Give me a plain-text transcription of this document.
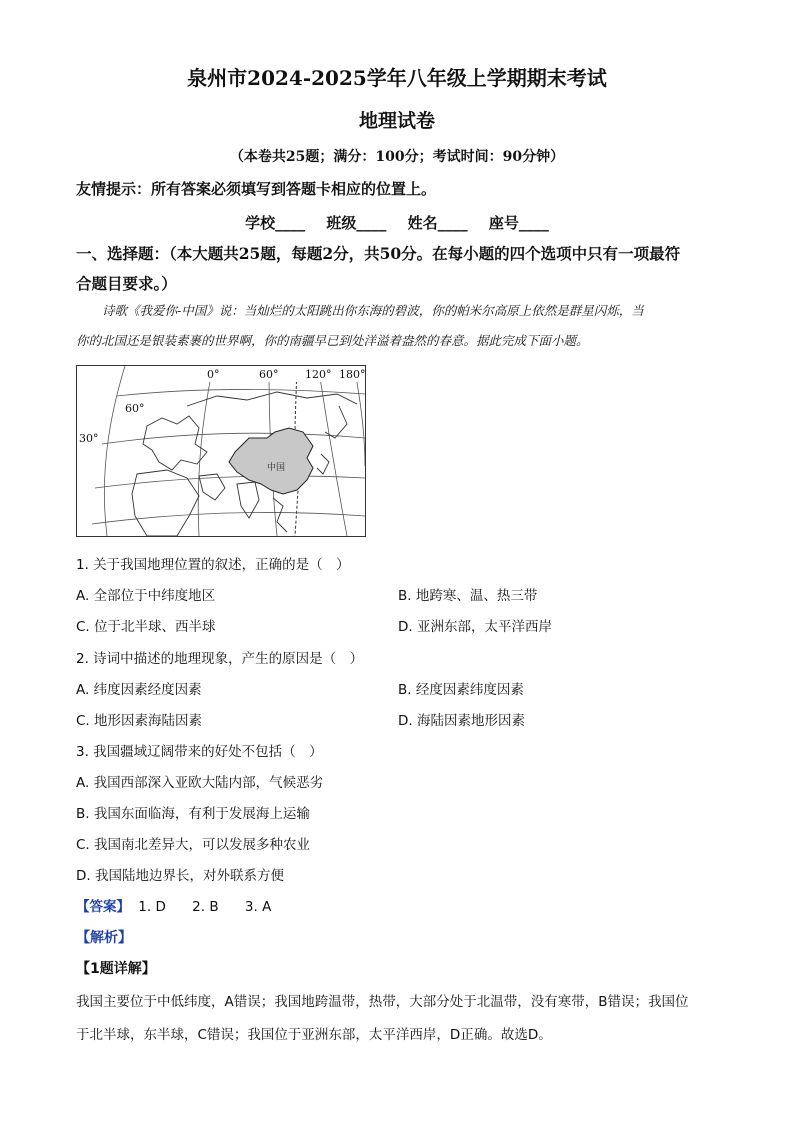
泉州市2024-2025学年八年级上学期期末考试
地理试卷
（本卷共25题；满分：100分；考试时间：90分钟）
友情提示：所有答案必须填写到答题卡相应的位置上。
学校____ 班级____ 姓名____ 座号____
一、选择题：（本大题共25题，每题2分，共50分。在每小题的四个选项中只有一项最符
合题目要求。）
诗歌《我爱你-中国》说：当灿烂的太阳跳出你东海的碧波，你的帕米尔高原上依然是群星闪烁，当
你的北国还是银装素裹的世界啊，你的南疆早已到处洋溢着盎然的春意。据此完成下面小题。
中国
0°	60° 120° 180°
60°
30°
1. 关于我国地理位置的叙述，正确的是（　）
A. 全部位于中纬度地区	B. 地跨寒、温、热三带
C. 位于北半球、西半球	D. 亚洲东部，太平洋西岸
2. 诗词中描述的地理现象，产生的原因是（　）
A. 纬度因素经度因素	B. 经度因素纬度因素
C. 地形因素海陆因素	D. 海陆因素地形因素
3. 我国疆域辽阔带来的好处不包括（　）
A. 我国西部深入亚欧大陆内部，气候恶劣
B. 我国东面临海，有利于发展海上运输
C. 我国南北差异大，可以发展多种农业
D. 我国陆地边界长，对外联系方便
【答案】 1. D 2. B 3. A
【解析】
【1题详解】
我国主要位于中低纬度，A错误；我国地跨温带，热带，大部分处于北温带，没有寒带，B错误；我国位
于北半球，东半球，C错误；我国位于亚洲东部，太平洋西岸，D正确。故选D。
